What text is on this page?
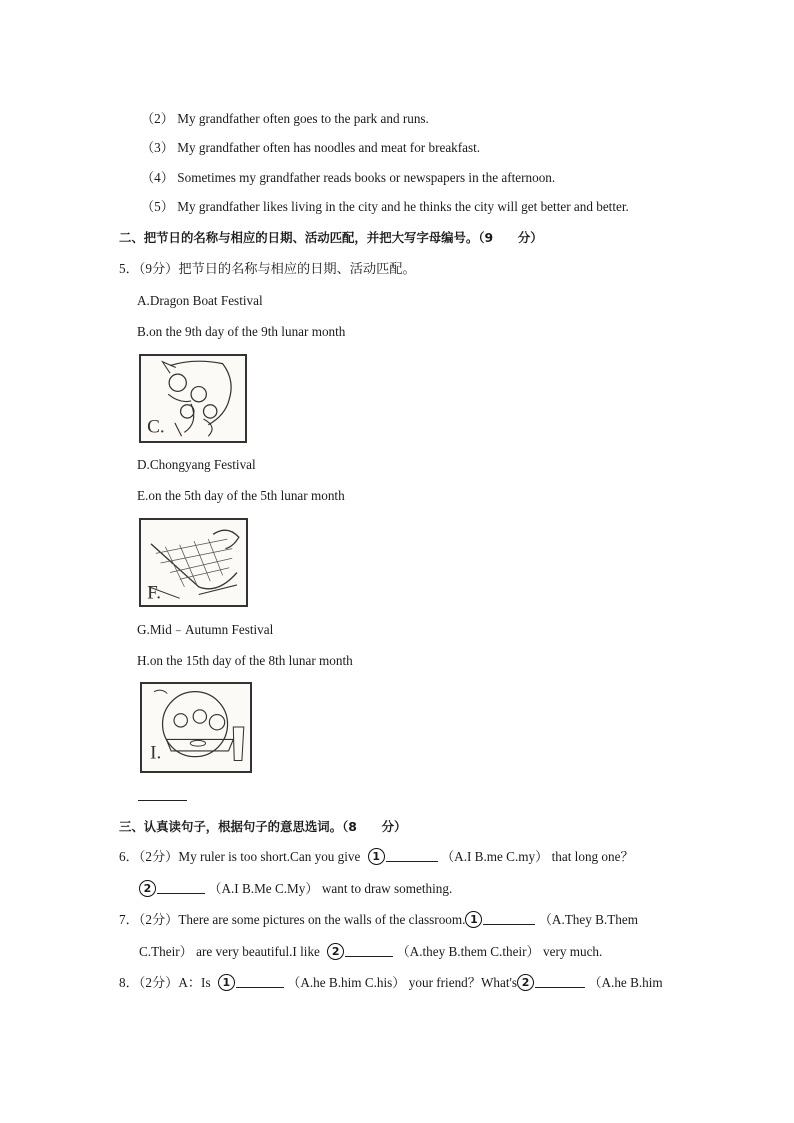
（2） My grandfather often goes to the park and runs.
（3） My grandfather often has noodles and meat for breakfast.
（4） Sometimes my grandfather reads books or newspapers in the afternoon.
（5） My grandfather likes living in the city and he thinks the city will get better and better.
二、把节日的名称与相应的日期、活动匹配，并把大写字母编号。（9　　分）
5．（9分）把节日的名称与相应的日期、活动匹配。
A.Dragon Boat Festival
B.on the 9th day of the 9th lunar month
C.
D.Chongyang Festival
E.on the 5th day of the 5th lunar month
F.
G.Mid﹣Autumn Festival
H.on the 15th day of the 8th lunar month
I.
三、认真读句子，根据句子的意思选词。（8　　分）
6．（2分）My ruler is too short.Can you give 1	（A.I B.me C.my） that long one？
2	（A.I B.Me C.My） want to draw something.
7．（2分）There are some pictures on the walls of the classroom. 1	（A.They B.Them
C.Their） are very beautiful.I like 2	（A.they B.them C.their） very much.
8．（2分）A：Is 1	（A.he B.him C.his） your friend？What's 2	（A.he B.him
